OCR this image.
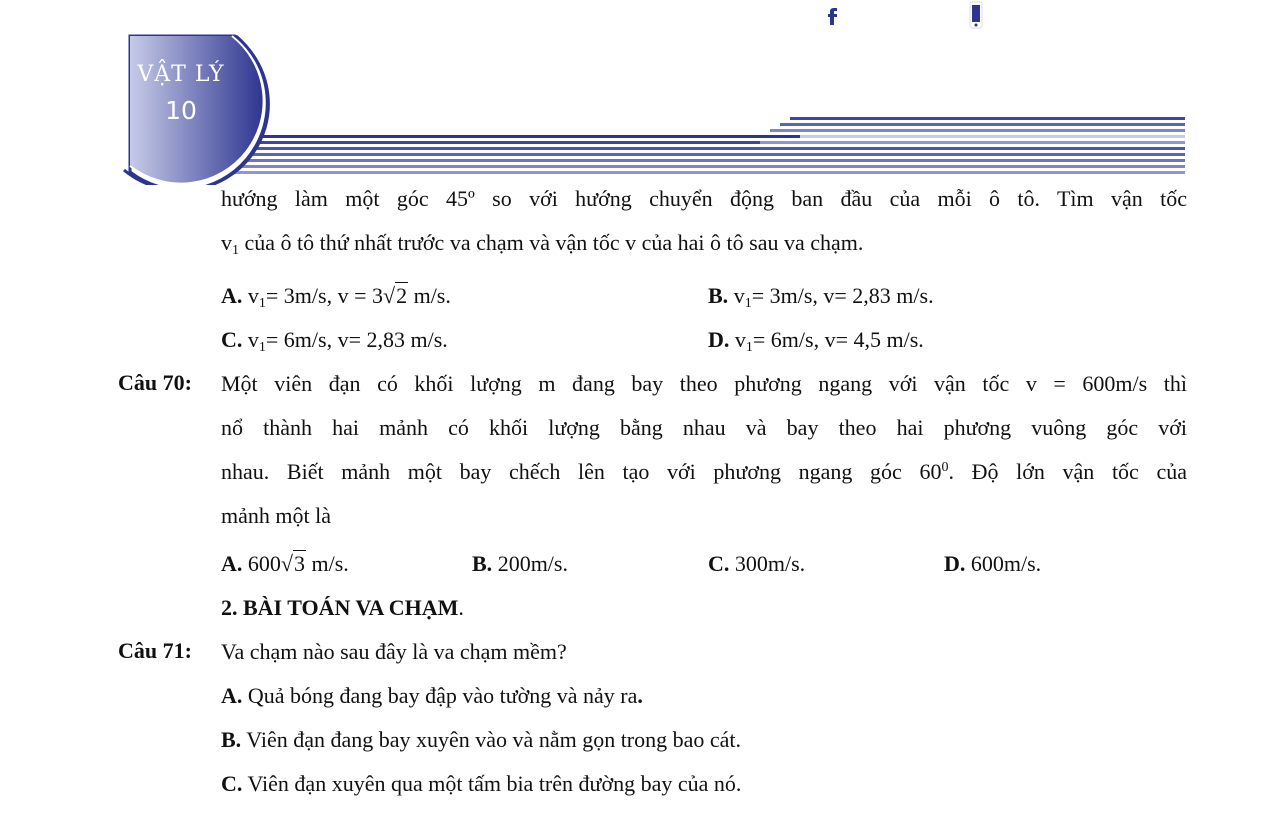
VẬT LÝ
10
hướng làm một góc 45º so với hướng chuyển động ban đầu của mỗi ô tô. Tìm vận tốc
$v_1$ của ô tô thứ nhất trước va chạm và vận tốc v của hai ô tô sau va chạm.
A. $v_1= 3m/s$, v = 3√2 m/s.	B. $v_1= 3m/s$, v= 2,83 m/s.
C. $v_1= 6m/s$, v= 2,83 m/s.	D. $v_1= 6m/s$, v= 4,5 m/s.
Câu 70: Một viên đạn có khối lượng m đang bay theo phương ngang với vận tốc v = 600m/s thì
nổ thành hai mảnh có khối lượng bằng nhau và bay theo hai phương vuông góc với
nhau. Biết mảnh một bay chếch lên tạo với phương ngang góc $60^0$. Độ lớn vận tốc của
mảnh một là
A. 600√3 m/s.	B. 200m/s.	C. 300m/s.	D. 600m/s.
2. BÀI TOÁN VA CHẠM.
Câu 71: Va chạm nào sau đây là va chạm mềm?
A. Quả bóng đang bay đập vào tường và nảy ra.
B. Viên đạn đang bay xuyên vào và nằm gọn trong bao cát.
C. Viên đạn xuyên qua một tấm bia trên đường bay của nó.
